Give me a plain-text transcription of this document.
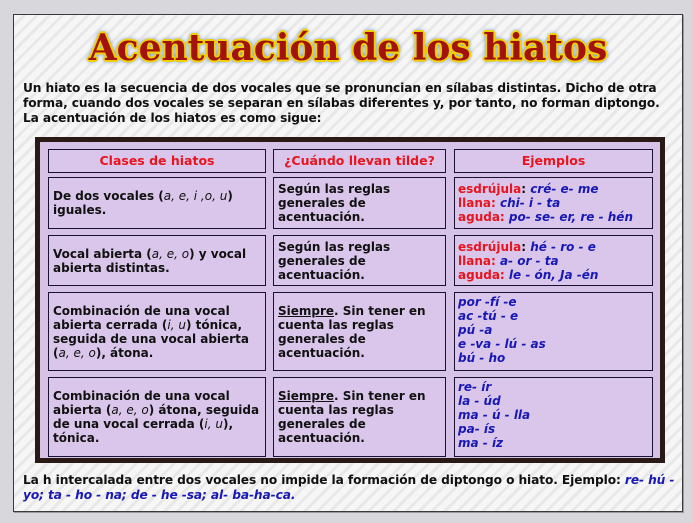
Acentuación de los hiatos
Un hiato es la secuencia de dos vocales que se pronuncian en sílabas distintas. Dicho de otra forma, cuando dos vocales se separan en sílabas diferentes y, por tanto, no forman diptongo. La acentuación de los hiatos es como sigue:
Clases de hiatos	¿Cuándo llevan tilde?	Ejemplos
De dos vocales (a, e, i ,o, u) iguales.
Según las reglas generales de acentuación.
esdrújula: cré- e- me
llana: chi- i - ta
aguda: po- se- er, re - hén
Vocal abierta (a, e, o) y vocal abierta distintas.
Según las reglas generales de acentuación.
esdrújula: hé - ro - e
llana: a- or - ta
aguda: le - ón, Ja -én
Combinación de una vocal abierta cerrada (i, u) tónica, seguida de una vocal abierta (a, e, o), átona.
Siempre. Sin tener en cuenta las reglas generales de acentuación.
por -fí -e
ac -tú - e
pú -a
e -va - lú - as
bú - ho
Combinación de una vocal abierta (a, e, o) átona, seguida de una vocal cerrada (i, u), tónica.
Siempre. Sin tener en cuenta las reglas generales de acentuación.
re- ír
la - úd
ma - ú - lla
pa- ís
ma - íz
La h intercalada entre dos vocales no impide la formación de diptongo o hiato. Ejemplo: re- hú -yo; ta - ho - na; de - he -sa; al- ba-ha-ca.
